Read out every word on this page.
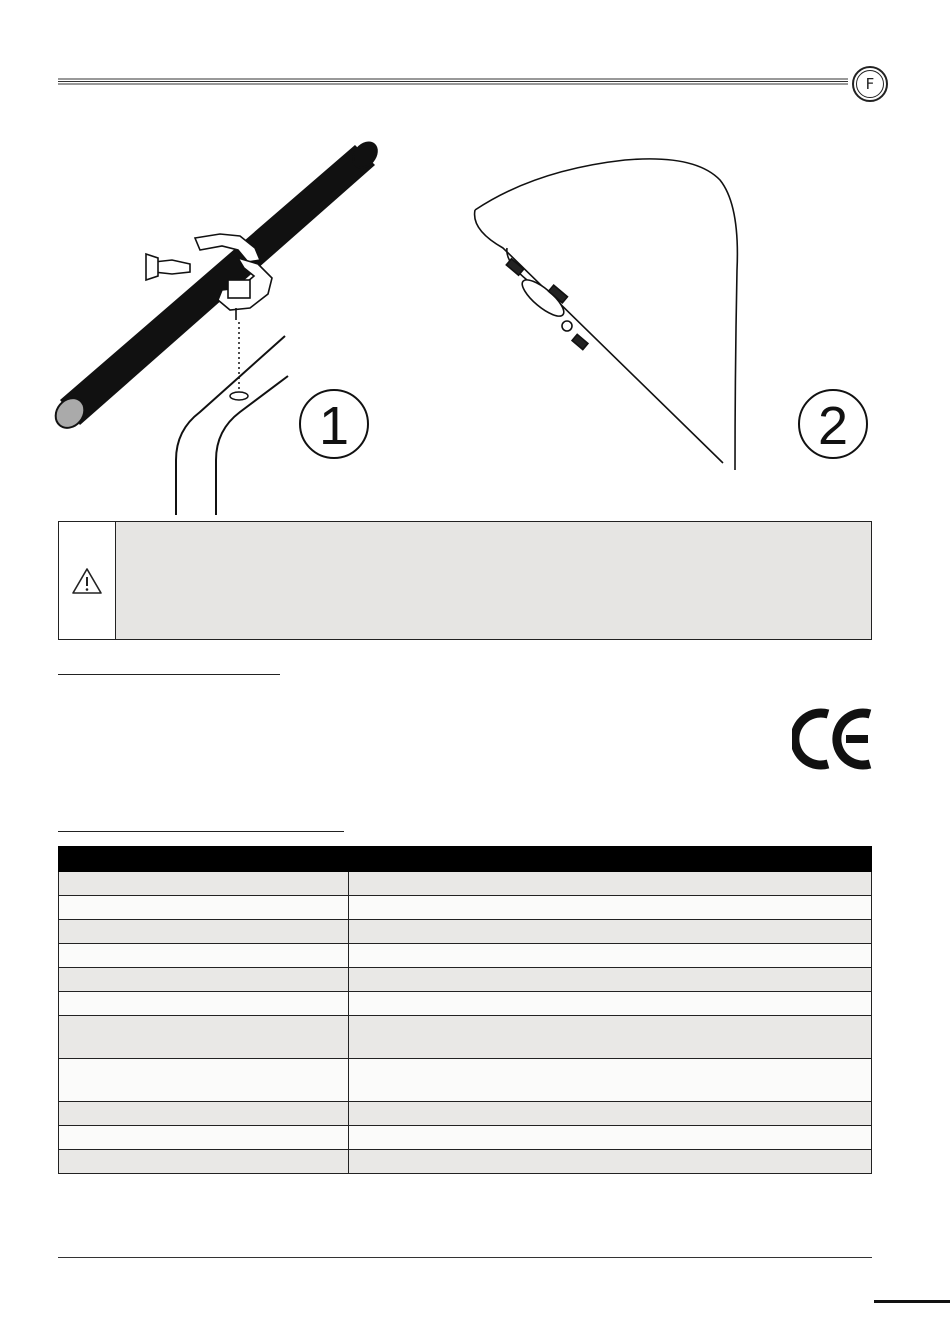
F
1	2
